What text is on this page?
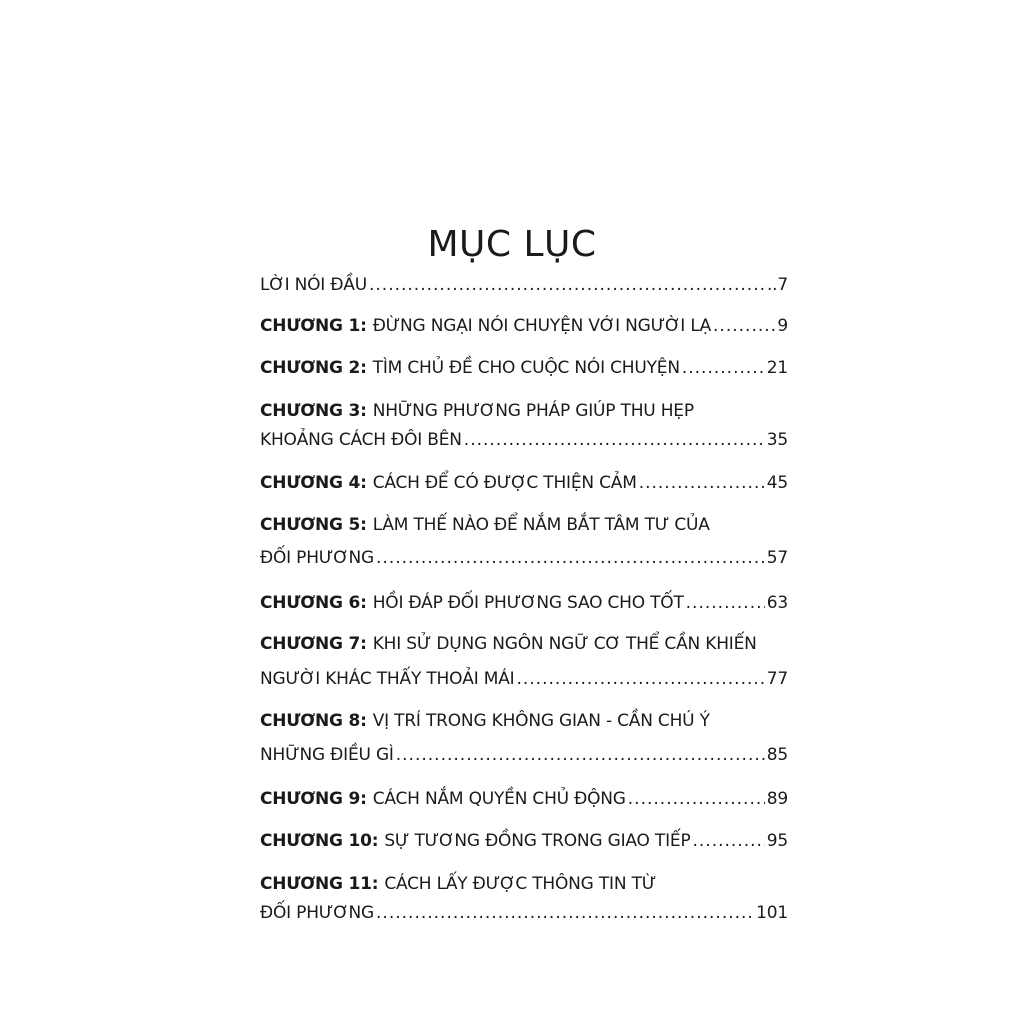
MỤC LỤC
LỜI NÓI ĐẦU .....	..7
CHƯƠNG 1: ĐỪNG NGẠI NÓI CHUYỆN VỚI NGƯỜI LẠ .....	9
CHƯƠNG 2: TÌM CHỦ ĐỀ CHO CUỘC NÓI CHUYỆN .....	21
CHƯƠNG 3: NHỮNG PHƯƠNG PHÁP GIÚP THU HẸP
KHOẢNG CÁCH ĐÔI BÊN .....	35
CHƯƠNG 4: CÁCH ĐỂ CÓ ĐƯỢC THIỆN CẢM .....	45
CHƯƠNG 5: LÀM THẾ NÀO ĐỂ NẮM BẮT TÂM TƯ CỦA
ĐỐI PHƯƠNG .....	57
CHƯƠNG 6: HỒI ĐÁP ĐỐI PHƯƠNG SAO CHO TỐT .....	63
CHƯƠNG 7: KHI SỬ DỤNG NGÔN NGỮ CƠ THỂ CẦN KHIẾN
NGƯỜI KHÁC THẤY THOẢI MÁI .....	77
CHƯƠNG 8: VỊ TRÍ TRONG KHÔNG GIAN - CẦN CHÚ Ý
NHỮNG ĐIỀU GÌ .....	85
CHƯƠNG 9: CÁCH NẮM QUYỀN CHỦ ĐỘNG .....	89
CHƯƠNG 10: SỰ TƯƠNG ĐỒNG TRONG GIAO TIẾP .....	95
CHƯƠNG 11: CÁCH LẤY ĐƯỢC THÔNG TIN TỪ
ĐỐI PHƯƠNG .....	101
